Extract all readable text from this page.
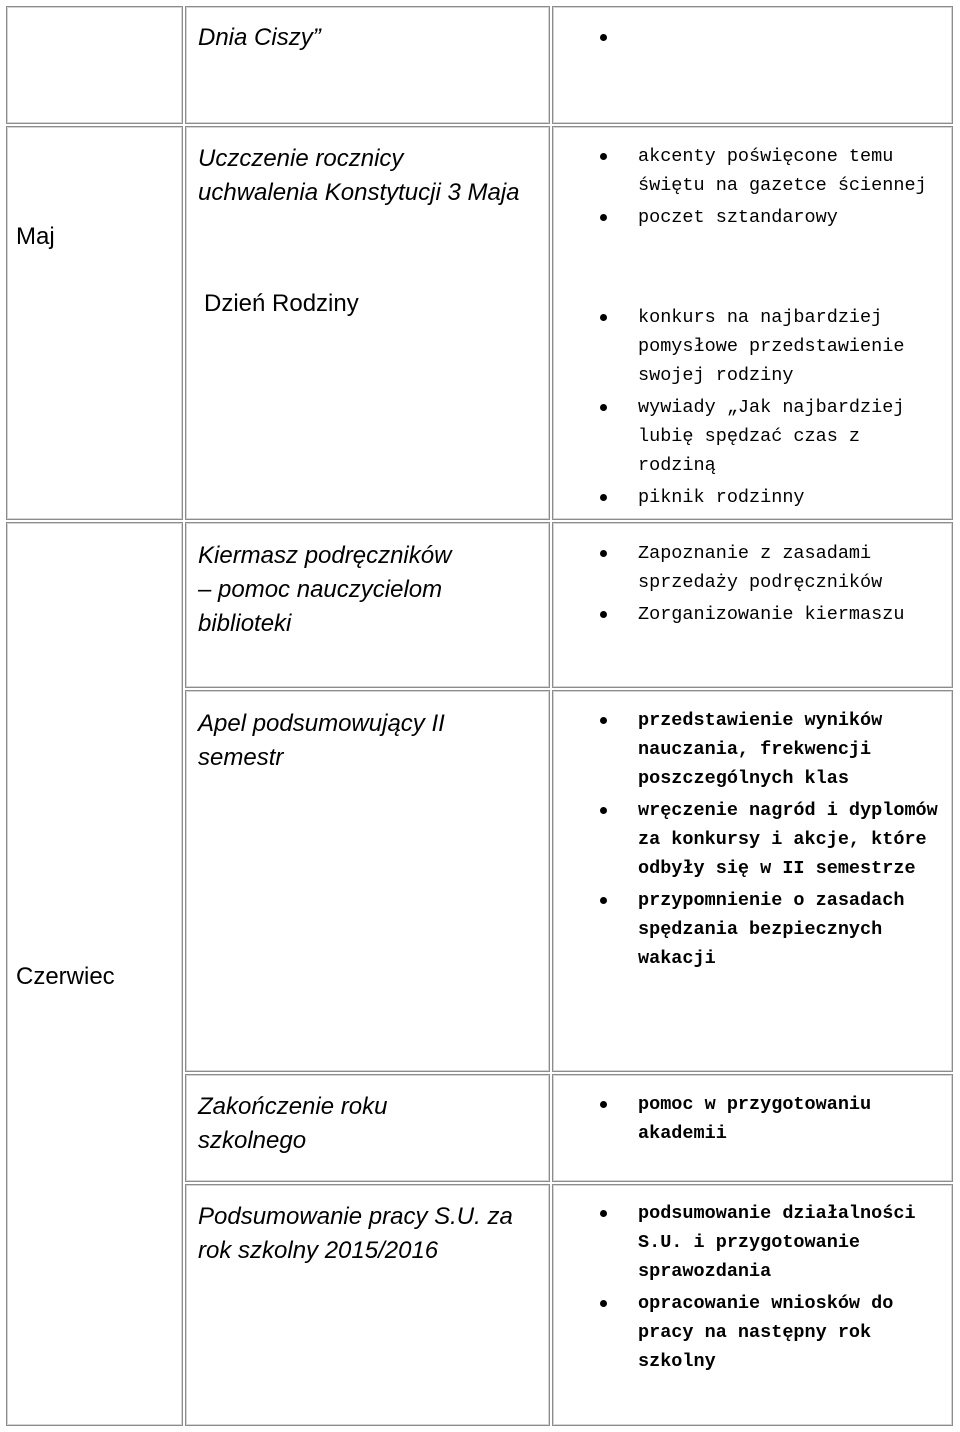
Maj
Czerwiec

Dnia Ciszy”

Uczczenie rocznicy uchwalenia Konstytucji 3 Maja

akcenty poświęcone temu świętu na gazetce ściennej
poczet sztandarowy

Dzień Rodziny

konkurs na najbardziej pomysłowe przedstawienie swojej rodziny
wywiady „Jak najbardziej lubię spędzać czas z rodziną
piknik rodzinny

Kiermasz podręczników
– pomoc nauczycielom biblioteki

Zapoznanie z zasadami sprzedaży podręczników
Zorganizowanie kiermaszu

Apel podsumowujący II semestr

przedstawienie wyników nauczania, frekwencji poszczególnych klas
wręczenie nagród i dyplomów za konkursy i akcje, które odbyły się w II semestrze
przypomnienie o zasadach spędzania bezpiecznych wakacji

Zakończenie roku szkolnego

pomoc w przygotowaniu akademii

Podsumowanie pracy S.U. za rok szkolny 2015/2016

podsumowanie działalności S.U. i przygotowanie sprawozdania
opracowanie wniosków do pracy na następny rok szkolny
